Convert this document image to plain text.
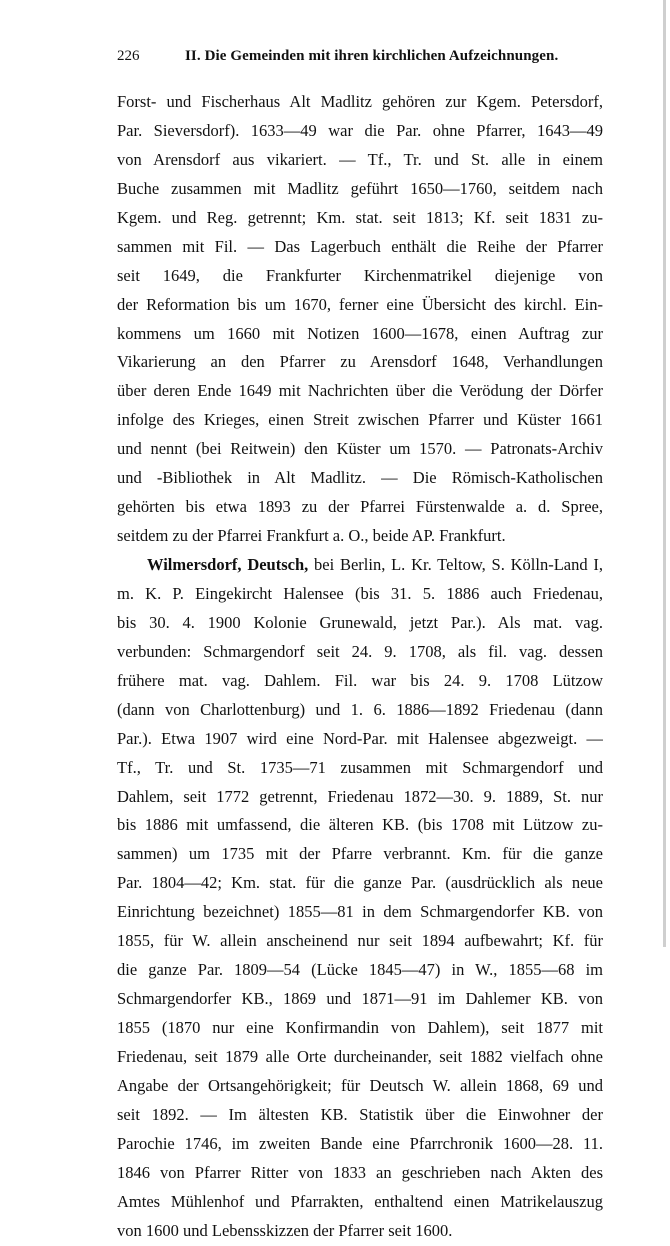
226	II. Die Gemeinden mit ihren kirchlichen Aufzeichnungen.
Forst- und Fischerhaus Alt Madlitz gehören zur Kgem. Petersdorf,
Par. Sieversdorf). 1633—49 war die Par. ohne Pfarrer, 1643—49
von Arensdorf aus vikariert. — Tf., Tr. und St. alle in einem
Buche zusammen mit Madlitz geführt 1650—1760, seitdem nach
Kgem. und Reg. getrennt; Km. stat. seit 1813; Kf. seit 1831 zu-
sammen mit Fil. — Das Lagerbuch enthält die Reihe der Pfarrer
seit 1649, die Frankfurter Kirchenmatrikel diejenige von
der Reformation bis um 1670, ferner eine Übersicht des kirchl. Ein-
kommens um 1660 mit Notizen 1600—1678, einen Auftrag zur
Vikarierung an den Pfarrer zu Arensdorf 1648, Verhandlungen
über deren Ende 1649 mit Nachrichten über die Verödung der Dörfer
infolge des Krieges, einen Streit zwischen Pfarrer und Küster 1661
und nennt (bei Reitwein) den Küster um 1570. — Patronats-Archiv
und -Bibliothek in Alt Madlitz. — Die Römisch-Katholischen
gehörten bis etwa 1893 zu der Pfarrei Fürstenwalde a. d. Spree,
seitdem zu der Pfarrei Frankfurt a. O., beide AP. Frankfurt.
Wilmersdorf, Deutsch, bei Berlin, L. Kr. Teltow, S. Kölln-Land I,
m. K. P. Eingekircht Halensee (bis 31. 5. 1886 auch Friedenau,
bis 30. 4. 1900 Kolonie Grunewald, jetzt Par.). Als mat. vag.
verbunden: Schmargendorf seit 24. 9. 1708, als fil. vag. dessen
frühere mat. vag. Dahlem. Fil. war bis 24. 9. 1708 Lützow
(dann von Charlottenburg) und 1. 6. 1886—1892 Friedenau (dann
Par.). Etwa 1907 wird eine Nord-Par. mit Halensee abgezweigt. —
Tf., Tr. und St. 1735—71 zusammen mit Schmargendorf und
Dahlem, seit 1772 getrennt, Friedenau 1872—30. 9. 1889, St. nur
bis 1886 mit umfassend, die älteren KB. (bis 1708 mit Lützow zu-
sammen) um 1735 mit der Pfarre verbrannt. Km. für die ganze
Par. 1804—42; Km. stat. für die ganze Par. (ausdrücklich als neue
Einrichtung bezeichnet) 1855—81 in dem Schmargendorfer KB. von
1855, für W. allein anscheinend nur seit 1894 aufbewahrt; Kf. für
die ganze Par. 1809—54 (Lücke 1845—47) in W., 1855—68 im
Schmargendorfer KB., 1869 und 1871—91 im Dahlemer KB. von
1855 (1870 nur eine Konfirmandin von Dahlem), seit 1877 mit
Friedenau, seit 1879 alle Orte durcheinander, seit 1882 vielfach ohne
Angabe der Ortsangehörigkeit; für Deutsch W. allein 1868, 69 und
seit 1892. — Im ältesten KB. Statistik über die Einwohner der
Parochie 1746, im zweiten Bande eine Pfarrchronik 1600—28. 11.
1846 von Pfarrer Ritter von 1833 an geschrieben nach Akten des
Amtes Mühlenhof und Pfarrakten, enthaltend einen Matrikelauszug
von 1600 und Lebensskizzen der Pfarrer seit 1600.
